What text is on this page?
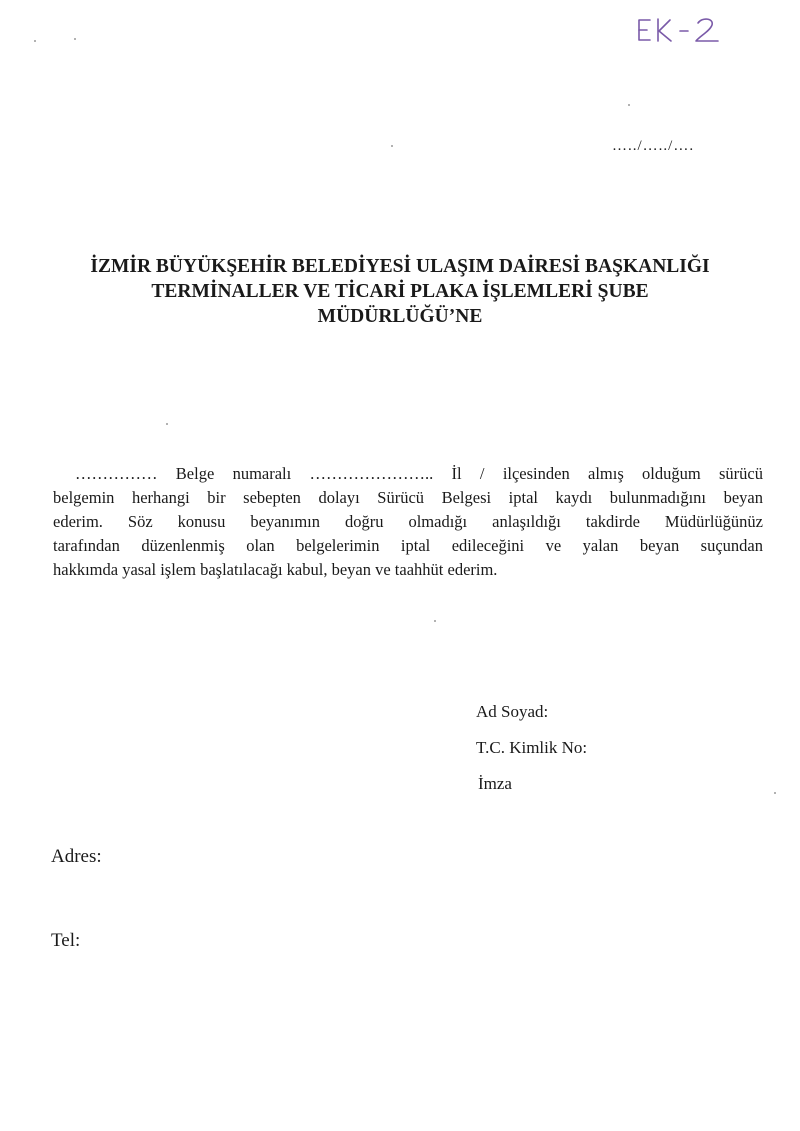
…../…../….
İZMİR BÜYÜKŞEHİR BELEDİYESİ ULAŞIM DAİRESİ BAŞKANLIĞI
TERMİNALLER VE TİCARİ PLAKA İŞLEMLERİ ŞUBE
MÜDÜRLÜĞÜ’NE
…………… Belge numaralı ………………….. İl / ilçesinden almış olduğum sürücü
belgemin herhangi bir sebepten dolayı Sürücü Belgesi iptal kaydı bulunmadığını beyan
ederim. Söz konusu beyanımın doğru olmadığı anlaşıldığı takdirde Müdürlüğünüz
tarafından düzenlenmiş olan belgelerimin iptal edileceğini ve yalan beyan suçundan
hakkımda yasal işlem başlatılacağı kabul, beyan ve taahhüt ederim.
Ad Soyad:
T.C. Kimlik No:
İmza
Adres:
Tel:
